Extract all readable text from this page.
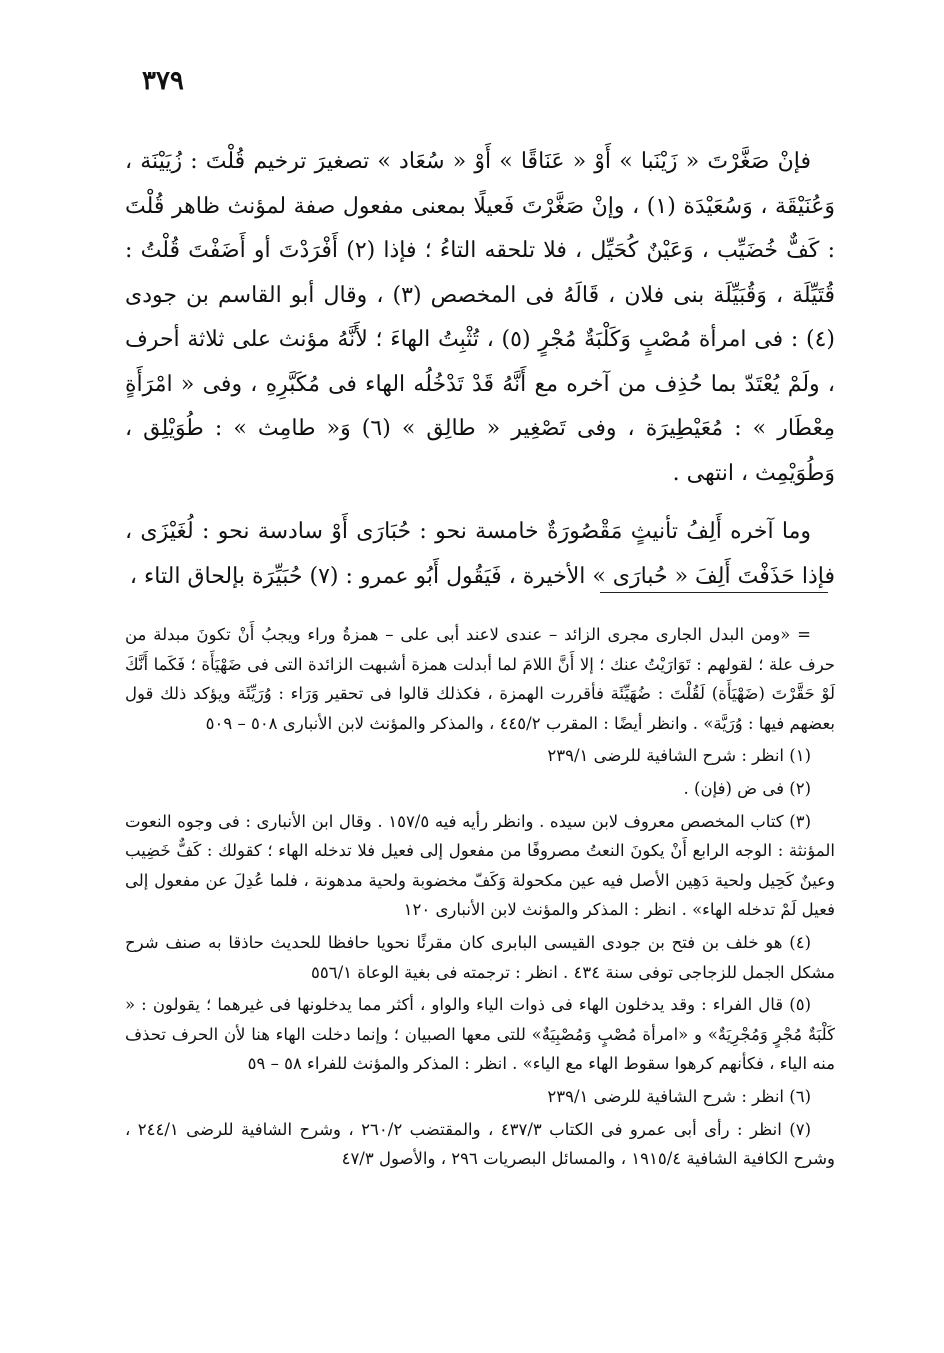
٣٧٩

فإنْ صَغَّرْتَ « زَيْنَبا » أَوْ « عَنَاقًا » أَوْ « سُعَاد » تصغيرَ ترخيم قُلْتَ : زُيَيْنَة ، وَعُنَيْقَة ، وَسُعَيْدَة (١) ، وإنْ صَغَّرْتَ فَعيلًا بمعنى مفعول صفة لمؤنث ظاهر قُلْتَ : كَفٌّ خُضَيِّب ، وَعَيْنٌ كُحَيِّل ، فلا تلحقه التاءُ ؛ فإذا (٢) أَفْرَدْتَ أو أَضَفْتَ قُلْتُ : قُتَيِّلَة ، وَقُبَيِّلَة بنى فلان ، قَالَهُ فى المخصص (٣) ، وقال أبو القاسم بن جودى (٤) : فى امرأة مُصْبٍ وَكَلْبَةٌ مُجْرٍ (٥) ، تُثْبِتُ الهاءَ ؛ لأَنَّهُ مؤنث على ثلاثة أحرف ، ولَمْ يُعْتَدّ بما حُذِف من آخره مع أَنَّهُ قَدْ تَدْخُلُه الهاء فى مُكَبَّرِهِ ، وفى « امْرَأَةٍ مِعْطَار » : مُعَيْطِيرَة ، وفى تَصْغِير « طالِق » (٦) وَ« طامِث » : طُوَيْلِق ، وَطُوَيْمِث ، انتهى .

وما آخره أَلِفُ تأنيثٍ مَقْصُورَةٌ خامسة نحو : حُبَارَى أَوْ سادسة نحو : لُغَيْزَى ، فإذا حَذَفْتَ أَلِفَ « حُبارَى » الأخيرة ، فَيَقُول أَبُو عمرو : (٧) حُبَيِّرَة بإلحاق التاء ،

= «ومن البدل الجارى مجرى الزائد – عندى لاعند أبى على – همزةُ وراء ويجبُ أَنْ تكونَ مبدلة من حرف علة ؛ لقولهم : تَوَارَيْتُ عنك ؛ إلا أَنَّ اللامَ لما أبدلت همزة أشبهت الزائدة التى فى ضَهْيَأَة ؛ فَكَما أَنَّكَ لَوْ حَقَّرْتَ (ضَهْيَأَة) لَقُلْتَ : ضُهَيِّئَة فأقررت الهمزة ، فكذلك قالوا فى تحقير وَرَاء : وُرَيِّئَة ويؤكد ذلك قول بعضهم فيها : وُرَيَّة» . وانظر أيضًا : المقرب ٤٤٥/٢ ، والمذكر والمؤنث لابن الأنبارى ٥٠٨ – ٥٠٩

(١) انظر : شرح الشافية للرضى ٢٣٩/١

(٢) فى ض (فإن) .

(٣) كتاب المخصص معروف لابن سيده . وانظر رأيه فيه ١٥٧/٥ . وقال ابن الأنبارى : فى وجوه النعوت المؤنثة : الوجه الرابع أَنْ يكونَ النعتُ مصروفًا من مفعول إلى فعيل فلا تدخله الهاء ؛ كقولك : كَفٌّ خَضِيب وعينٌ كَحِيل ولحية دَهِين الأصل فيه عين مكحولة وَكَفّ مخضوبة ولحية مدهونة ، فلما عُدِلَ عن مفعول إلى فعيل لَمْ تدخله الهاء» . انظر : المذكر والمؤنث لابن الأنبارى ١٢٠

(٤) هو خلف بن فتح بن جودى القيسى البابرى كان مقرئًا نحويا حافظا للحديث حاذقا به صنف شرح مشكل الجمل للزجاجى توفى سنة ٤٣٤ . انظر : ترجمته فى بغية الوعاة ٥٥٦/١

(٥) قال الفراء : وقد يدخلون الهاء فى ذوات الياء والواو ، أكثر مما يدخلونها فى غيرهما ؛ يقولون : « كَلْبَةٌ مُجْرٍ وَمُجْرِيَةٌ» و «امرأة مُصْبٍ وَمُصْبِيَةٌ» للتى معها الصبيان ؛ وإنما دخلت الهاء هنا لأن الحرف تحذف منه الياء ، فكأنهم كرهوا سقوط الهاء مع الياء» . انظر : المذكر والمؤنث للفراء ٥٨ – ٥٩

(٦) انظر : شرح الشافية للرضى ٢٣٩/١

(٧) انظر : رأى أبى عمرو فى الكتاب ٤٣٧/٣ ، والمقتضب ٢٦٠/٢ ، وشرح الشافية للرضى ٢٤٤/١ ، وشرح الكافية الشافية ١٩١٥/٤ ، والمسائل البصريات ٢٩٦ ، والأصول ٤٧/٣
